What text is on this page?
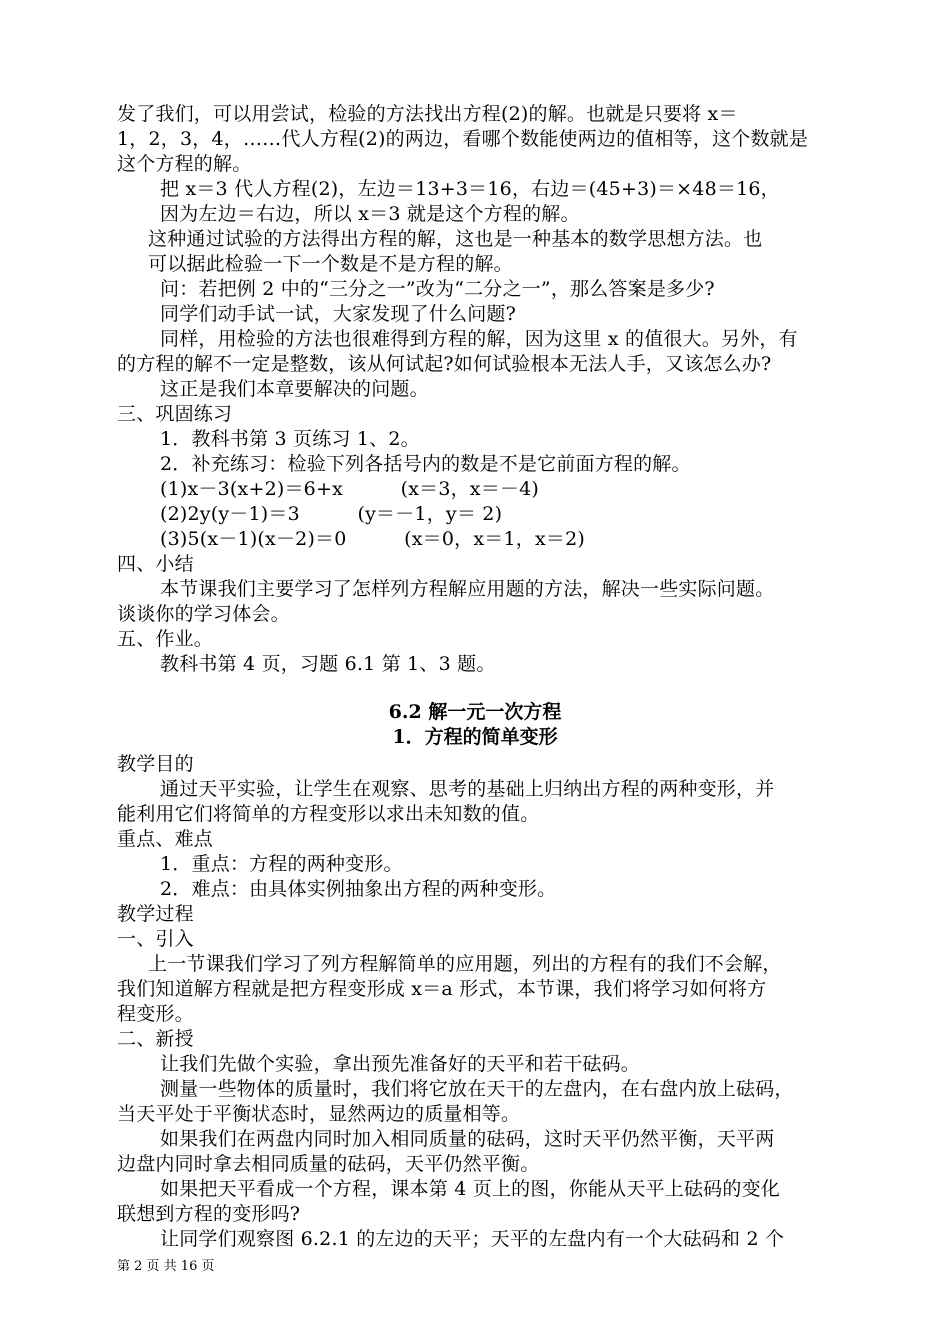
发了我们，可以用尝试，检验的方法找出方程(2)的解。也就是只要将 x＝
1，2，3，4，……代人方程(2)的两边，看哪个数能使两边的值相等，这个数就是
这个方程的解。
把 x＝3 代人方程(2)，左边＝13+3＝16，右边＝(45+3)＝×48＝16，
因为左边＝右边，所以 x＝3 就是这个方程的解。
这种通过试验的方法得出方程的解，这也是一种基本的数学思想方法。也
可以据此检验一下一个数是不是方程的解。
问：若把例 2 中的“三分之一”改为“二分之一”，那么答案是多少?
同学们动手试一试，大家发现了什么问题?
同样，用检验的方法也很难得到方程的解，因为这里 x 的值很大。另外，有
的方程的解不一定是整数，该从何试起?如何试验根本无法人手，又该怎么办?
这正是我们本章要解决的问题。
三、巩固练习
1．教科书第 3 页练习 1、2。
2．补充练习：检验下列各括号内的数是不是它前面方程的解。
(1)x－3(x+2)＝6+x　　　(x＝3，x＝－4)
(2)2y(y－1)＝3　　　(y＝－1，y＝ 2)
(3)5(x－1)(x－2)＝0　　　(x＝0，x＝1，x＝2)
四、小结
本节课我们主要学习了怎样列方程解应用题的方法，解决一些实际问题。
谈谈你的学习体会。
五、作业。
教科书第 4 页，习题 6.1 第 1、3 题。
6.2 解一元一次方程
1．方程的简单变形
教学目的
通过天平实验，让学生在观察、思考的基础上归纳出方程的两种变形，并
能利用它们将简单的方程变形以求出未知数的值。
重点、难点
1．重点：方程的两种变形。
2．难点：由具体实例抽象出方程的两种变形。
教学过程
一、引入
上一节课我们学习了列方程解简单的应用题，列出的方程有的我们不会解，
我们知道解方程就是把方程变形成 x＝a 形式，本节课，我们将学习如何将方
程变形。
二、新授
让我们先做个实验，拿出预先准备好的天平和若干砝码。
测量一些物体的质量时，我们将它放在天干的左盘内，在右盘内放上砝码，
当天平处于平衡状态时，显然两边的质量相等。
如果我们在两盘内同时加入相同质量的砝码，这时天平仍然平衡，天平两
边盘内同时拿去相同质量的砝码，天平仍然平衡。
如果把天平看成一个方程，课本第 4 页上的图，你能从天平上砝码的变化
联想到方程的变形吗?
让同学们观察图 6.2.1 的左边的天平；天平的左盘内有一个大砝码和 2 个
第 2 页 共 16 页
